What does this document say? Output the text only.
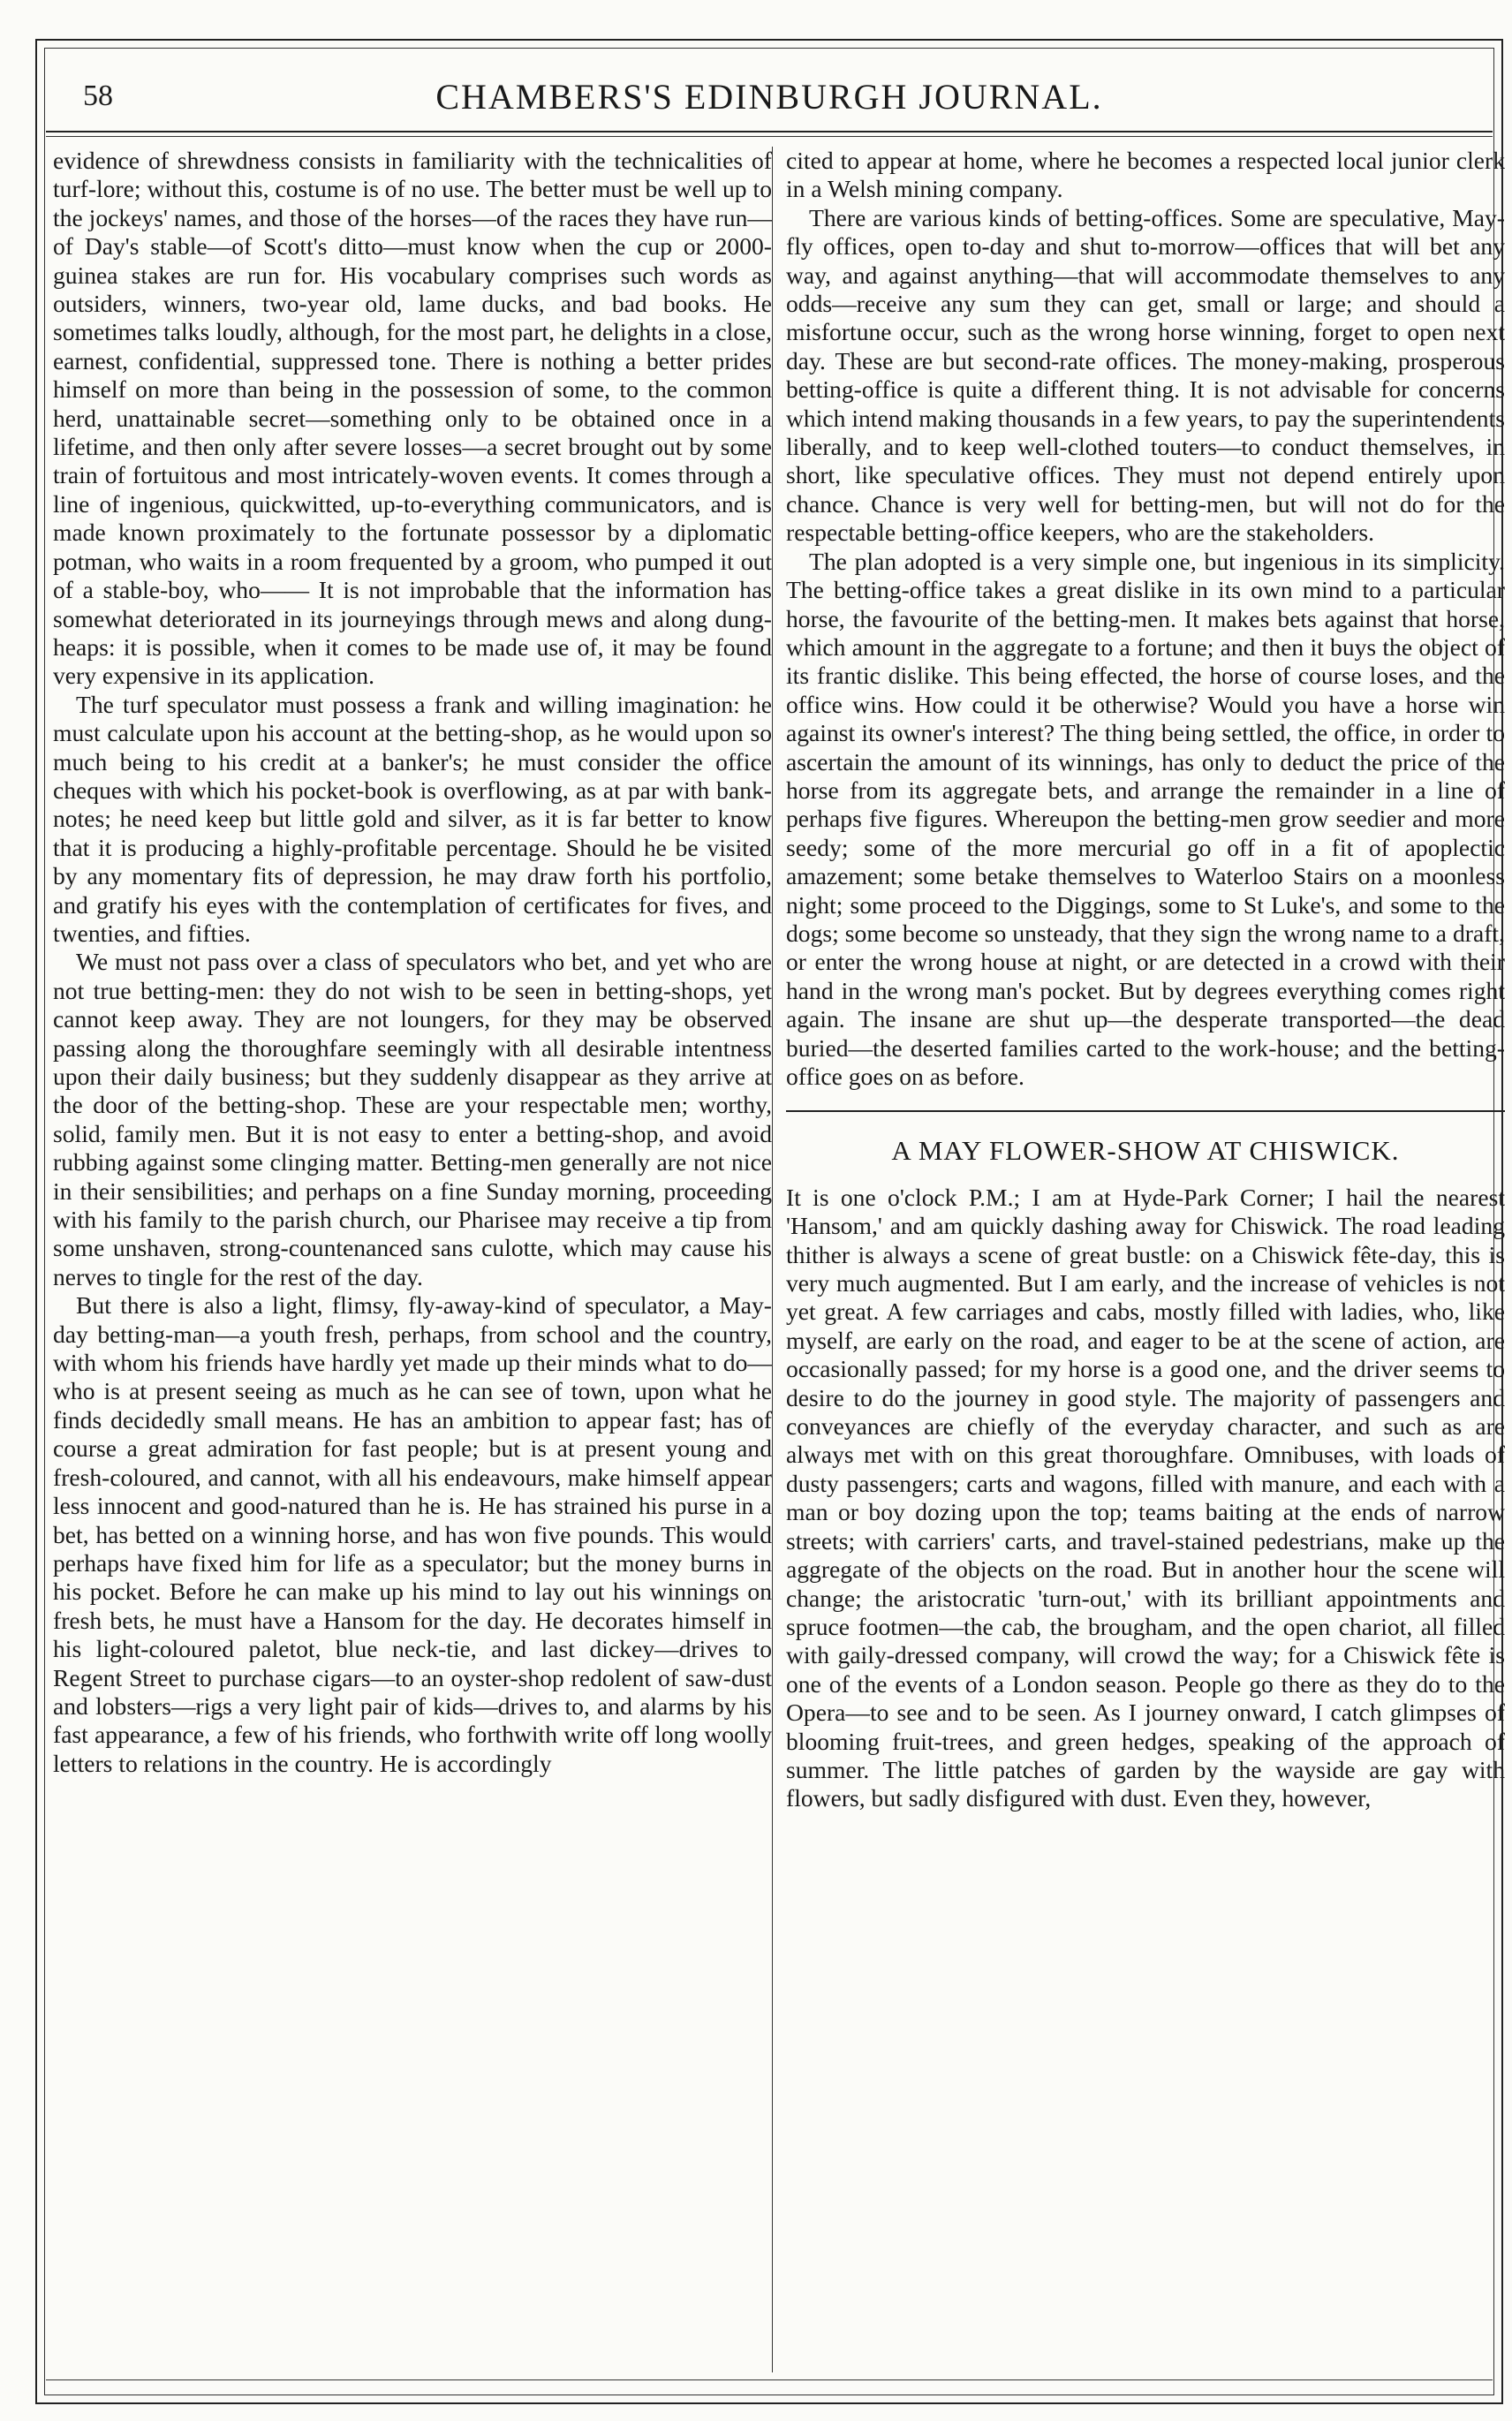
58	CHAMBERS'S EDINBURGH JOURNAL.

evidence of shrewdness consists in familiarity with the technicalities of turf-lore; without this, costume is of no use. The better must be well up to the jockeys' names, and those of the horses—of the races they have run—of Day's stable—of Scott's ditto—must know when the cup or 2000-guinea stakes are run for. His vocabulary comprises such words as outsiders, winners, two-year old, lame ducks, and bad books. He sometimes talks loudly, although, for the most part, he delights in a close, earnest, confidential, suppressed tone. There is nothing a better prides himself on more than being in the possession of some, to the common herd, unattainable secret—something only to be obtained once in a lifetime, and then only after severe losses—a secret brought out by some train of fortuitous and most intricately-woven events. It comes through a line of ingenious, quickwitted, up-to-everything communicators, and is made known proximately to the fortunate possessor by a diplomatic potman, who waits in a room frequented by a groom, who pumped it out of a stable-boy, who—— It is not improbable that the information has somewhat deteriorated in its journeyings through mews and along dung-heaps: it is possible, when it comes to be made use of, it may be found very expensive in its application.

The turf speculator must possess a frank and willing imagination: he must calculate upon his account at the betting-shop, as he would upon so much being to his credit at a banker's; he must consider the office cheques with which his pocket-book is overflowing, as at par with bank-notes; he need keep but little gold and silver, as it is far better to know that it is producing a highly-profitable percentage. Should he be visited by any momentary fits of depression, he may draw forth his portfolio, and gratify his eyes with the contemplation of certificates for fives, and twenties, and fifties.

We must not pass over a class of speculators who bet, and yet who are not true betting-men: they do not wish to be seen in betting-shops, yet cannot keep away. They are not loungers, for they may be observed passing along the thoroughfare seemingly with all desirable intentness upon their daily business; but they suddenly disappear as they arrive at the door of the betting-shop. These are your respectable men; worthy, solid, family men. But it is not easy to enter a betting-shop, and avoid rubbing against some clinging matter. Betting-men generally are not nice in their sensibilities; and perhaps on a fine Sunday morning, proceeding with his family to the parish church, our Pharisee may receive a tip from some unshaven, strong-countenanced sans culotte, which may cause his nerves to tingle for the rest of the day.

But there is also a light, flimsy, fly-away-kind of speculator, a May-day betting-man—a youth fresh, perhaps, from school and the country, with whom his friends have hardly yet made up their minds what to do—who is at present seeing as much as he can see of town, upon what he finds decidedly small means. He has an ambition to appear fast; has of course a great admiration for fast people; but is at present young and fresh-coloured, and cannot, with all his endeavours, make himself appear less innocent and good-natured than he is. He has strained his purse in a bet, has betted on a winning horse, and has won five pounds. This would perhaps have fixed him for life as a speculator; but the money burns in his pocket. Before he can make up his mind to lay out his winnings on fresh bets, he must have a Hansom for the day. He decorates himself in his light-coloured paletot, blue neck-tie, and last dickey—drives to Regent Street to purchase cigars—to an oyster-shop redolent of saw-dust and lobsters—rigs a very light pair of kids—drives to, and alarms by his fast appearance, a few of his friends, who forthwith write off long woolly letters to relations in the country. He is accordingly

cited to appear at home, where he becomes a respected local junior clerk in a Welsh mining company.

There are various kinds of betting-offices. Some are speculative, May-fly offices, open to-day and shut to-morrow—offices that will bet any way, and against anything—that will accommodate themselves to any odds—receive any sum they can get, small or large; and should a misfortune occur, such as the wrong horse winning, forget to open next day. These are but second-rate offices. The money-making, prosperous betting-office is quite a different thing. It is not advisable for concerns which intend making thousands in a few years, to pay the superintendents liberally, and to keep well-clothed touters—to conduct themselves, in short, like speculative offices. They must not depend entirely upon chance. Chance is very well for betting-men, but will not do for the respectable betting-office keepers, who are the stakeholders.

The plan adopted is a very simple one, but ingenious in its simplicity. The betting-office takes a great dislike in its own mind to a particular horse, the favourite of the betting-men. It makes bets against that horse, which amount in the aggregate to a fortune; and then it buys the object of its frantic dislike. This being effected, the horse of course loses, and the office wins. How could it be otherwise? Would you have a horse win against its owner's interest? The thing being settled, the office, in order to ascertain the amount of its winnings, has only to deduct the price of the horse from its aggregate bets, and arrange the remainder in a line of perhaps five figures. Whereupon the betting-men grow seedier and more seedy; some of the more mercurial go off in a fit of apoplectic amazement; some betake themselves to Waterloo Stairs on a moonless night; some proceed to the Diggings, some to St Luke's, and some to the dogs; some become so unsteady, that they sign the wrong name to a draft, or enter the wrong house at night, or are detected in a crowd with their hand in the wrong man's pocket. But by degrees everything comes right again. The insane are shut up—the desperate transported—the dead buried—the deserted families carted to the work-house; and the betting-office goes on as before.

A MAY FLOWER-SHOW AT CHISWICK.

It is one o'clock P.M.; I am at Hyde-Park Corner; I hail the nearest 'Hansom,' and am quickly dashing away for Chiswick. The road leading thither is always a scene of great bustle: on a Chiswick fête-day, this is very much augmented. But I am early, and the increase of vehicles is not yet great. A few carriages and cabs, mostly filled with ladies, who, like myself, are early on the road, and eager to be at the scene of action, are occasionally passed; for my horse is a good one, and the driver seems to desire to do the journey in good style. The majority of passengers and conveyances are chiefly of the everyday character, and such as are always met with on this great thoroughfare. Omnibuses, with loads of dusty passengers; carts and wagons, filled with manure, and each with a man or boy dozing upon the top; teams baiting at the ends of narrow streets; with carriers' carts, and travel-stained pedestrians, make up the aggregate of the objects on the road. But in another hour the scene will change; the aristocratic 'turn-out,' with its brilliant appointments and spruce footmen—the cab, the brougham, and the open chariot, all filled with gaily-dressed company, will crowd the way; for a Chiswick fête is one of the events of a London season. People go there as they do to the Opera—to see and to be seen. As I journey onward, I catch glimpses of blooming fruit-trees, and green hedges, speaking of the approach of summer. The little patches of garden by the wayside are gay with flowers, but sadly disfigured with dust. Even they, however,
